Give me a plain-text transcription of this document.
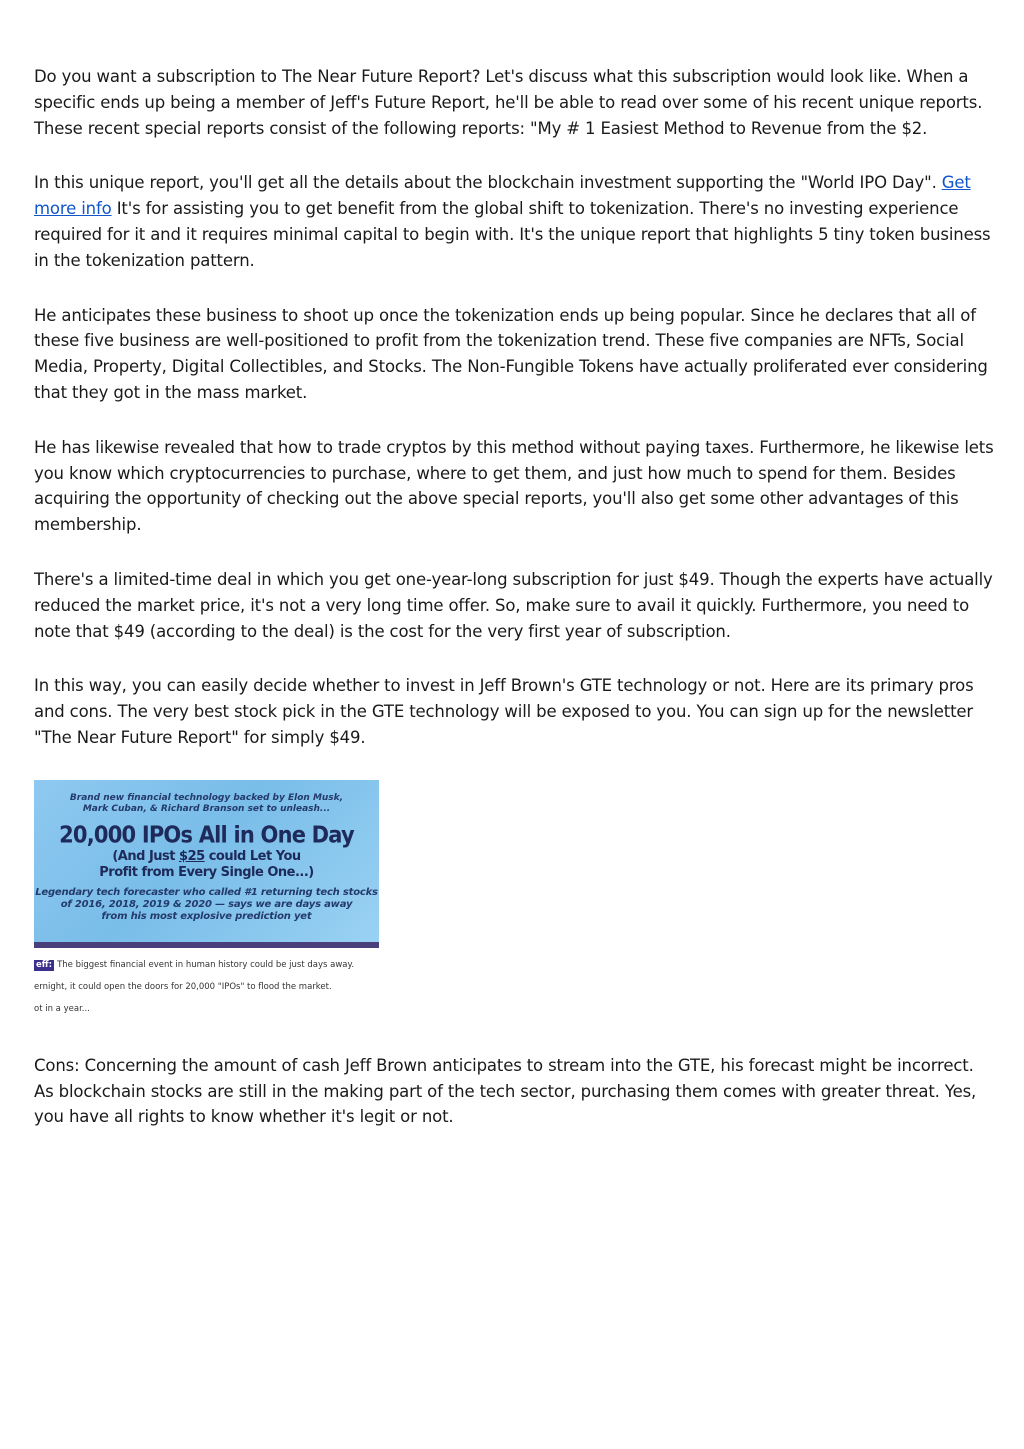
Do you want a subscription to The Near Future Report? Let's discuss what this subscription would look like. When a specific ends up being a member of Jeff's Future Report, he'll be able to read over some of his recent unique reports. These recent special reports consist of the following reports: "My # 1 Easiest Method to Revenue from the $2.

In this unique report, you'll get all the details about the blockchain investment supporting the "World IPO Day". Get more info It's for assisting you to get benefit from the global shift to tokenization. There's no investing experience required for it and it requires minimal capital to begin with. It's the unique report that highlights 5 tiny token business in the tokenization pattern.

He anticipates these business to shoot up once the tokenization ends up being popular. Since he declares that all of these five business are well-positioned to profit from the tokenization trend. These five companies are NFTs, Social Media, Property, Digital Collectibles, and Stocks. The Non-Fungible Tokens have actually proliferated ever considering that they got in the mass market.

He has likewise revealed that how to trade cryptos by this method without paying taxes. Furthermore, he likewise lets you know which cryptocurrencies to purchase, where to get them, and just how much to spend for them. Besides acquiring the opportunity of checking out the above special reports, you'll also get some other advantages of this membership.

There's a limited-time deal in which you get one-year-long subscription for just $49. Though the experts have actually reduced the market price, it's not a very long time offer. So, make sure to avail it quickly. Furthermore, you need to note that $49 (according to the deal) is the cost for the very first year of subscription.

In this way, you can easily decide whether to invest in Jeff Brown's GTE technology or not. Here are its primary pros and cons. The very best stock pick in the GTE technology will be exposed to you. You can sign up for the newsletter "The Near Future Report" for simply $49.

Brand new financial technology backed by Elon Musk,
Mark Cuban, & Richard Branson set to unleash...
20,000 IPOs All in One Day
(And Just $25 could Let You
Profit from Every Single One...)
Legendary tech forecaster who called #1 returning tech stocks
of 2016, 2018, 2019 & 2020 — says we are days away
from his most explosive prediction yet
eff: The biggest financial event in human history could be just days away.
ernight, it could open the doors for 20,000 "IPOs" to flood the market.
ot in a year...

Cons: Concerning the amount of cash Jeff Brown anticipates to stream into the GTE, his forecast might be incorrect. As blockchain stocks are still in the making part of the tech sector, purchasing them comes with greater threat. Yes, you have all rights to know whether it's legit or not.
